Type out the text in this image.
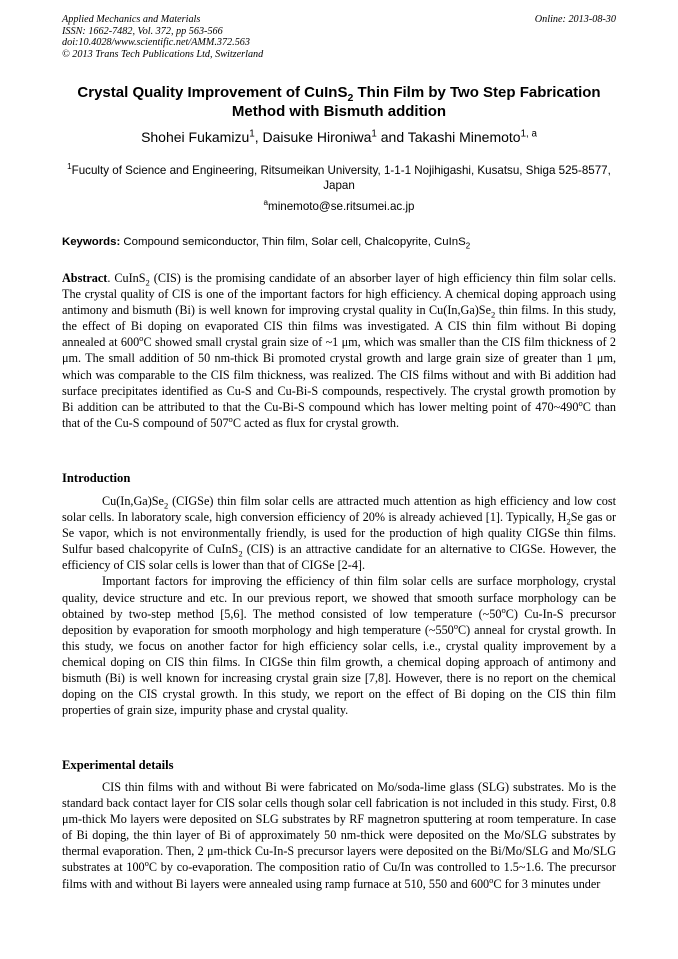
Applied Mechanics and Materials
ISSN: 1662-7482, Vol. 372, pp 563-566
doi:10.4028/www.scientific.net/AMM.372.563
© 2013 Trans Tech Publications Ltd, Switzerland
Online: 2013-08-30
Crystal Quality Improvement of CuInS$_2$ Thin Film by Two Step Fabrication Method with Bismuth addition
Shohei Fukamizu$^1$, Daisuke Hironiwa$^1$ and Takashi Minemoto$^{1, a}$
$^1$Fuculty of Science and Engineering, Ritsumeikan University, 1-1-1 Nojihigashi, Kusatsu, Shiga 525-8577, Japan
$^a$minemoto@se.ritsumei.ac.jp
Keywords: Compound semiconductor, Thin film, Solar cell, Chalcopyrite, CuInS$_2$

Abstract. CuInS$_2$ (CIS) is the promising candidate of an absorber layer of high efficiency thin film solar cells. The crystal quality of CIS is one of the important factors for high efficiency. A chemical doping approach using antimony and bismuth (Bi) is well known for improving crystal quality in $Cu(In,Ga)Se_2$ thin films. In this study, the effect of Bi doping on evaporated CIS thin films was investigated. A CIS thin film without Bi doping annealed at 600$^o$C showed small crystal grain size of ~1 μm, which was smaller than the CIS film thickness of 2 μm. The small addition of 50 nm-thick Bi promoted crystal growth and large grain size of greater than 1 μm, which was comparable to the CIS film thickness, was realized. The CIS films without and with Bi addition had surface precipitates identified as Cu-S and Cu-Bi-S compounds, respectively. The crystal growth promotion by Bi addition can be attributed to that the Cu-Bi-S compound which has lower melting point of 470~490$^o$C than that of the Cu-S compound of 507$^o$C acted as flux for crystal growth.

Introduction

$Cu(In,Ga)Se_2$ (CIGSe) thin film solar cells are attracted much attention as high efficiency and low cost solar cells. In laboratory scale, high conversion efficiency of 20% is already achieved [1]. Typically, $H_2Se$ gas or Se vapor, which is not environmentally friendly, is used for the production of high quality CIGSe thin films. Sulfur based chalcopyrite of CuInS$_2$ (CIS) is an attractive candidate for an alternative to CIGSe. However, the efficiency of CIS solar cells is lower than that of CIGSe [2-4].

Important factors for improving the efficiency of thin film solar cells are surface morphology, crystal quality, device structure and etc. In our previous report, we showed that smooth surface morphology can be obtained by two-step method [5,6]. The method consisted of low temperature (~50$^o$C) Cu-In-S precursor deposition by evaporation for smooth morphology and high temperature (~550$^o$C) anneal for crystal growth. In this study, we focus on another factor for high efficiency solar cells, i.e., crystal quality improvement by a chemical doping on CIS thin films. In CIGSe thin film growth, a chemical doping approach of antimony and bismuth (Bi) is well known for increasing crystal grain size [7,8]. However, there is no report on the chemical doping on the CIS crystal growth. In this study, we report on the effect of Bi doping on the CIS thin film properties of grain size, impurity phase and crystal quality.

Experimental details

CIS thin films with and without Bi were fabricated on Mo/soda-lime glass (SLG) substrates. Mo is the standard back contact layer for CIS solar cells though solar cell fabrication is not included in this study. First, 0.8 μm-thick Mo layers were deposited on SLG substrates by RF magnetron sputtering at room temperature. In case of Bi doping, the thin layer of Bi of approximately 50 nm-thick were deposited on the Mo/SLG substrates by thermal evaporation. Then, 2 μm-thick Cu-In-S precursor layers were deposited on the Bi/Mo/SLG and Mo/SLG substrates at 100$^o$C by co-evaporation. The composition ratio of Cu/In was controlled to 1.5~1.6. The precursor films with and without Bi layers were annealed using ramp furnace at 510, 550 and 600$^o$C for 3 minutes under
